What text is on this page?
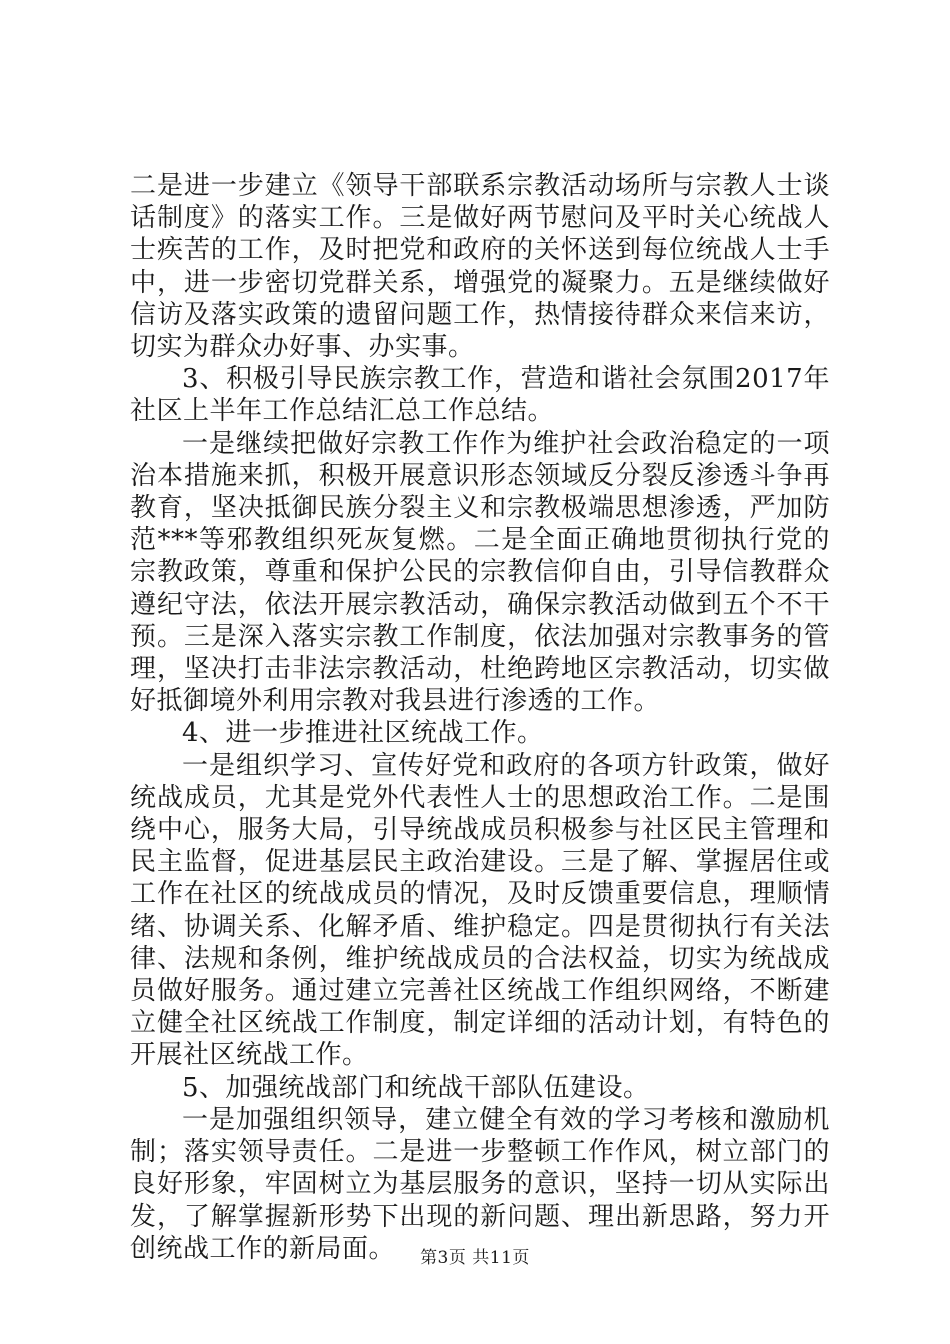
二是进一步建立《领导干部联系宗教活动场所与宗教人士谈话制度》的落实工作。三是做好两节慰问及平时关心统战人士疾苦的工作，及时把党和政府的关怀送到每位统战人士手中，进一步密切党群关系，增强党的凝聚力。五是继续做好信访及落实政策的遗留问题工作，热情接待群众来信来访，切实为群众办好事、办实事。

3、积极引导民族宗教工作，营造和谐社会氛围2017年社区上半年工作总结汇总工作总结。

一是继续把做好宗教工作作为维护社会政治稳定的一项治本措施来抓，积极开展意识形态领域反分裂反渗透斗争再教育，坚决抵御民族分裂主义和宗教极端思想渗透，严加防范***等邪教组织死灰复燃。二是全面正确地贯彻执行党的宗教政策，尊重和保护公民的宗教信仰自由，引导信教群众遵纪守法，依法开展宗教活动，确保宗教活动做到五个不干预。三是深入落实宗教工作制度，依法加强对宗教事务的管理，坚决打击非法宗教活动，杜绝跨地区宗教活动，切实做好抵御境外利用宗教对我县进行渗透的工作。

4、进一步推进社区统战工作。

一是组织学习、宣传好党和政府的各项方针政策，做好统战成员，尤其是党外代表性人士的思想政治工作。二是围绕中心，服务大局，引导统战成员积极参与社区民主管理和民主监督，促进基层民主政治建设。三是了解、掌握居住或工作在社区的统战成员的情况，及时反馈重要信息，理顺情绪、协调关系、化解矛盾、维护稳定。四是贯彻执行有关法律、法规和条例，维护统战成员的合法权益，切实为统战成员做好服务。通过建立完善社区统战工作组织网络，不断建立健全社区统战工作制度，制定详细的活动计划，有特色的开展社区统战工作。

5、加强统战部门和统战干部队伍建设。

一是加强组织领导，建立健全有效的学习考核和激励机制；落实领导责任。二是进一步整顿工作作风，树立部门的良好形象，牢固树立为基层服务的意识，坚持一切从实际出发，了解掌握新形势下出现的新问题、理出新思路，努力开创统战工作的新局面。	第3页 共11页
